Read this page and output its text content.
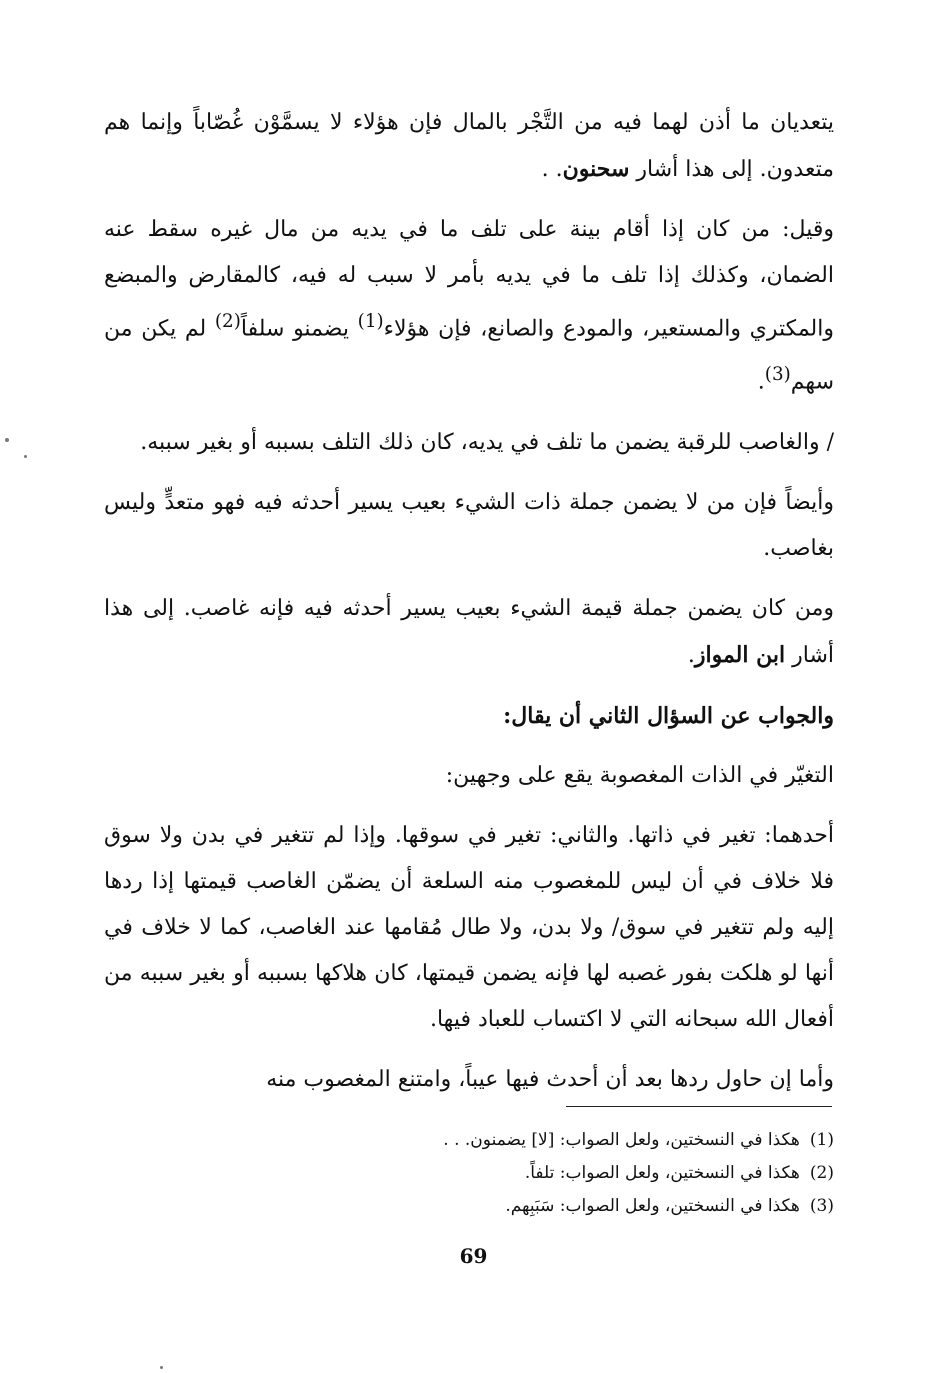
يتعديان ما أذن لهما فيه من التَّجْر بالمال فإن هؤلاء لا يسمَّوْن غُصّاباً وإنما هم متعدون. إلى هذا أشار سحنون. .

وقيل: من كان إذا أقام بينة على تلف ما في يديه من مال غيره سقط عنه الضمان، وكذلك إذا تلف ما في يديه بأمر لا سبب له فيه، كالمقارض والمبضع والمكتري والمستعير، والمودع والصانع، فإن هؤلاء$^{(1)}$ يضمنو سلفاً$^{(2)}$ لم يكن من سهم$^{(3)}$.

/ والغاصب للرقبة يضمن ما تلف في يديه، كان ذلك التلف بسببه أو بغير سببه.

وأيضاً فإن من لا يضمن جملة ذات الشيء بعيب يسير أحدثه فيه فهو متعدٍّ وليس بغاصب.

ومن كان يضمن جملة قيمة الشيء بعيب يسير أحدثه فيه فإنه غاصب. إلى هذا أشار ابن المواز.

والجواب عن السؤال الثاني أن يقال:

التغيّر في الذات المغصوبة يقع على وجهين:

أحدهما: تغير في ذاتها. والثاني: تغير في سوقها. وإذا لم تتغير في بدن ولا سوق فلا خلاف في أن ليس للمغصوب منه السلعة أن يضمّن الغاصب قيمتها إذا ردها إليه ولم تتغير في سوق/ ولا بدن، ولا طال مُقامها عند الغاصب، كما لا خلاف في أنها لو هلكت بفور غصبه لها فإنه يضمن قيمتها، كان هلاكها بسببه أو بغير سببه من أفعال الله سبحانه التي لا اكتساب للعباد فيها.

وأما إن حاول ردها بعد أن أحدث فيها عيباً، وامتنع المغصوب منه

(1)هكذا في النسختين، ولعل الصواب: [لا] يضمنون. . .

(2)هكذا في النسختين، ولعل الصواب: تلفاً.

(3)هكذا في النسختين، ولعل الصواب: سَبَبِهم.

69
